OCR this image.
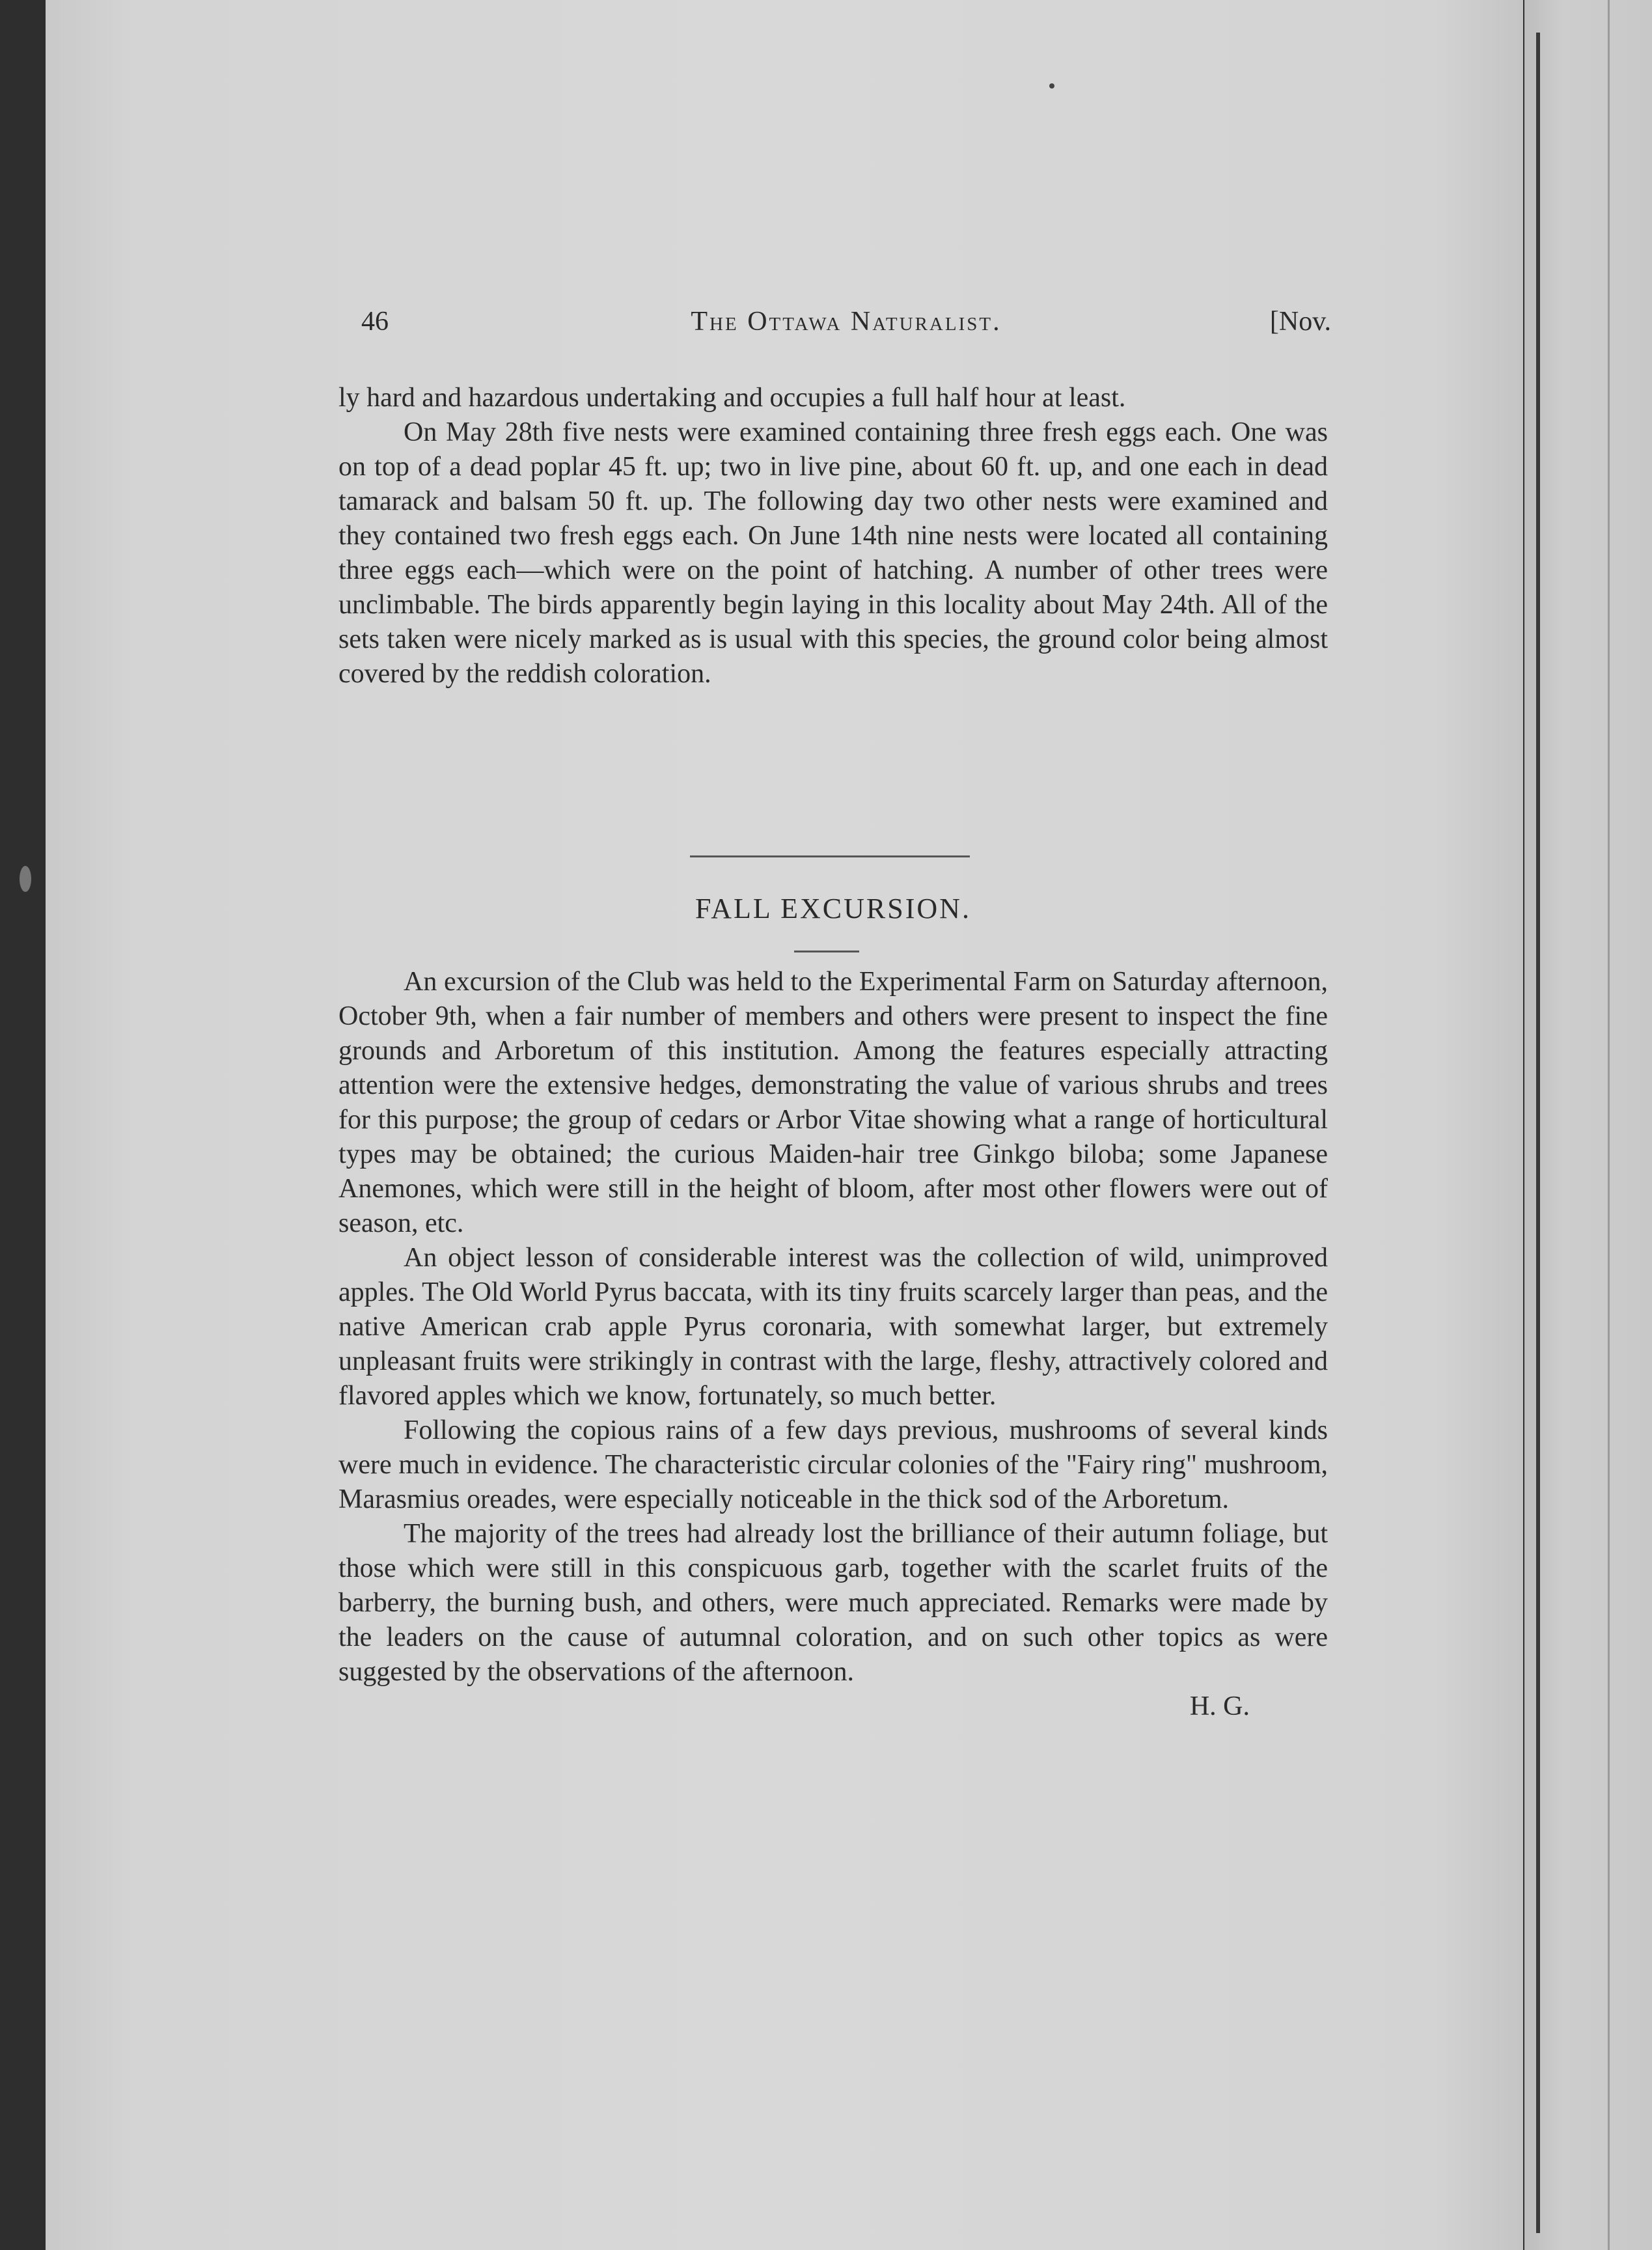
46	The Ottawa Naturalist.	[Nov.

ly hard and hazardous undertaking and occupies a full half hour at least.

On May 28th five nests were examined containing three fresh eggs each. One was on top of a dead poplar 45 ft. up; two in live pine, about 60 ft. up, and one each in dead tamarack and balsam 50 ft. up. The following day two other nests were examined and they contained two fresh eggs each. On June 14th nine nests were located all containing three eggs each—which were on the point of hatching. A number of other trees were unclimbable. The birds apparently begin laying in this locality about May 24th. All of the sets taken were nicely marked as is usual with this species, the ground color being almost covered by the reddish coloration.

FALL EXCURSION.

An excursion of the Club was held to the Experimental Farm on Saturday afternoon, October 9th, when a fair number of members and others were present to inspect the fine grounds and Arboretum of this institution. Among the features especially attracting attention were the extensive hedges, demonstrating the value of various shrubs and trees for this purpose; the group of cedars or Arbor Vitae showing what a range of horticultural types may be obtained; the curious Maiden-hair tree Ginkgo biloba; some Japanese Anemones, which were still in the height of bloom, after most other flowers were out of season, etc.

An object lesson of considerable interest was the collection of wild, unimproved apples. The Old World Pyrus baccata, with its tiny fruits scarcely larger than peas, and the native American crab apple Pyrus coronaria, with somewhat larger, but extremely unpleasant fruits were strikingly in contrast with the large, fleshy, attractively colored and flavored apples which we know, fortunately, so much better.

Following the copious rains of a few days previous, mushrooms of several kinds were much in evidence. The characteristic circular colonies of the "Fairy ring" mushroom, Marasmius oreades, were especially noticeable in the thick sod of the Arboretum.

The majority of the trees had already lost the brilliance of their autumn foliage, but those which were still in this conspicuous garb, together with the scarlet fruits of the barberry, the burning bush, and others, were much appreciated. Remarks were made by the leaders on the cause of autumnal coloration, and on such other topics as were suggested by the observations of the afternoon.

H. G.
